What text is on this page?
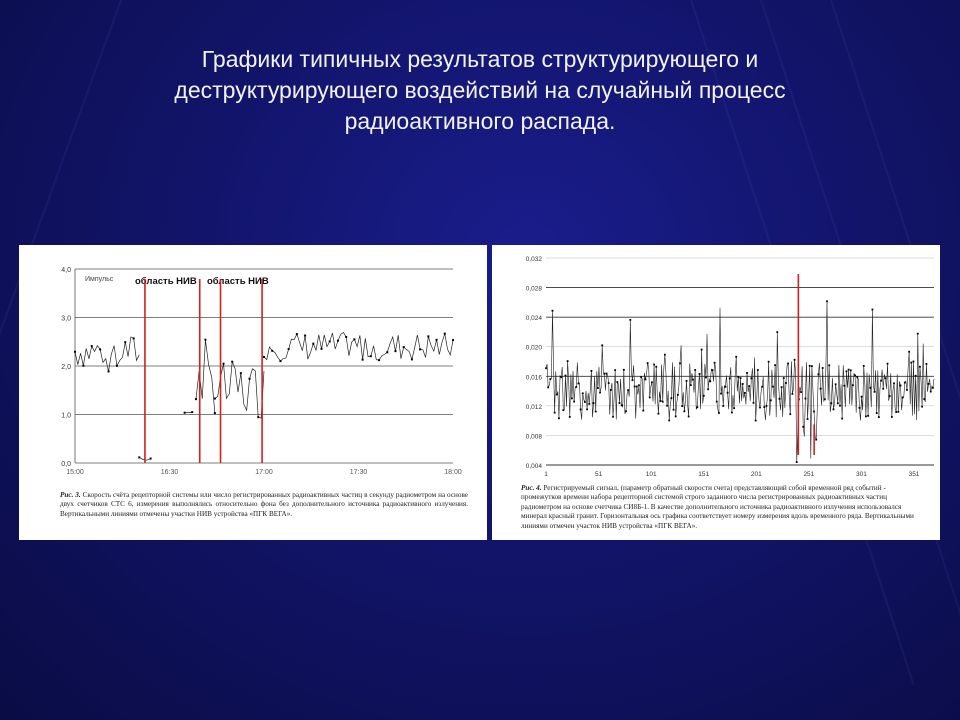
Графики типичных результатов структурирующего и
деструктурирующего воздействий на случайный процесс
радиоактивного распада.
4,0
3,0
2,0
1,0
0,0
15:00	16:30	17:00	17:30	18:00
Импульс область НИВ область НИВ
Рис. 3. Скорость счёта рецепторной системы или число регистрированных радиоактивных частиц в секунду радиометром на основе двух счетчиков СТС 6, измерения выполнялись относительно фона без дополнительного источника радиоактивного излучения. Вертикальными линиями отмечены участки НИВ устройства «ПГК ВЕГА».
0,032
0,028
0,024
0,020
0,016
0,012
0,008
0,004
1	51	101	151	201	251	301	351
Рис. 4. Регистрируемый сигнал, (параметр обратный скорости счета) представляющий собой временной ряд событий - промежутков времени набора рецепторной системой строго заданного числа регистрированных радиоактивных частиц радиометром на основе счетчика СИ8Б-1. В качестве дополнительного источника радиоактивного излучения использовался минерал красный гранит. Горизонтальная ось графика соответствует номеру измерения вдоль временного ряда. Вертикальными линиями отмечен участок НИВ устройства «ПГК ВЕГА».
